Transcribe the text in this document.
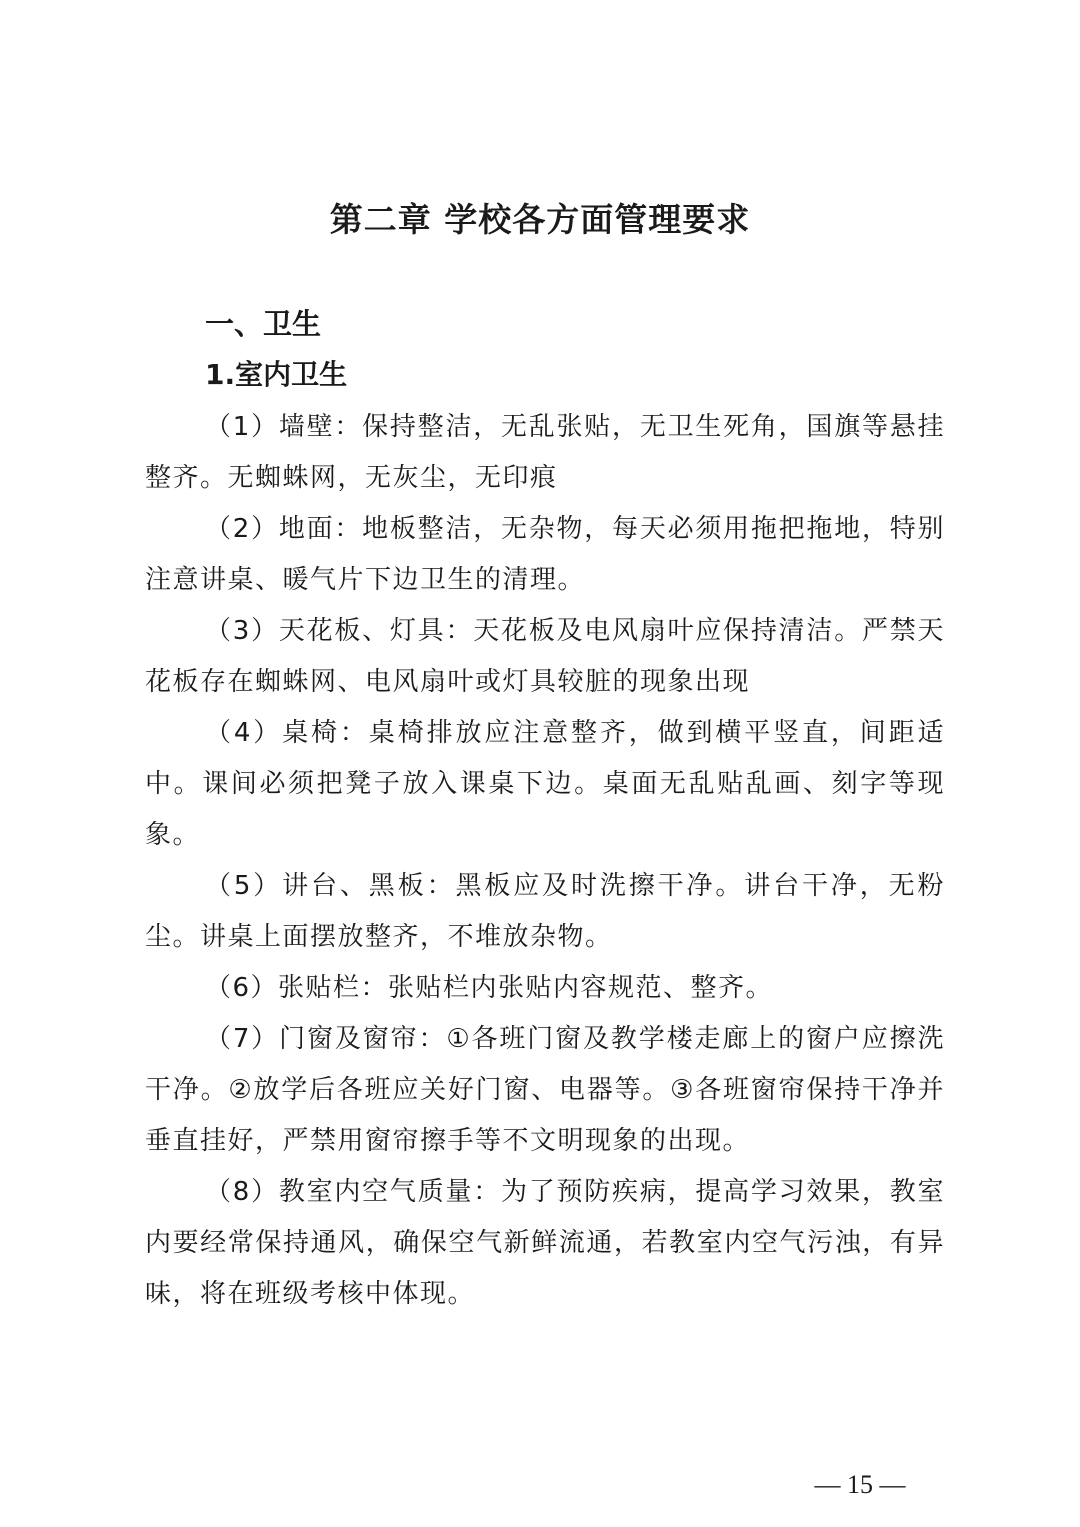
第二章 学校各方面管理要求
一、卫生
1.室内卫生

（1）墙壁：保持整洁，无乱张贴，无卫生死角，国旗等悬挂整齐。无蜘蛛网，无灰尘，无印痕

（2）地面：地板整洁，无杂物，每天必须用拖把拖地，特别注意讲桌、暖气片下边卫生的清理。

（3）天花板、灯具：天花板及电风扇叶应保持清洁。严禁天花板存在蜘蛛网、电风扇叶或灯具较脏的现象出现

（4）桌椅：桌椅排放应注意整齐，做到横平竖直，间距适中。课间必须把凳子放入课桌下边。桌面无乱贴乱画、刻字等现象。

（5）讲台、黑板：黑板应及时洗擦干净。讲台干净，无粉尘。讲桌上面摆放整齐，不堆放杂物。

（6）张贴栏：张贴栏内张贴内容规范、整齐。

（7）门窗及窗帘：①各班门窗及教学楼走廊上的窗户应擦洗干净。②放学后各班应关好门窗、电器等。③各班窗帘保持干净并垂直挂好，严禁用窗帘擦手等不文明现象的出现。

（8）教室内空气质量：为了预防疾病，提高学习效果，教室内要经常保持通风，确保空气新鲜流通，若教室内空气污浊，有异味，将在班级考核中体现。

— 15 —
